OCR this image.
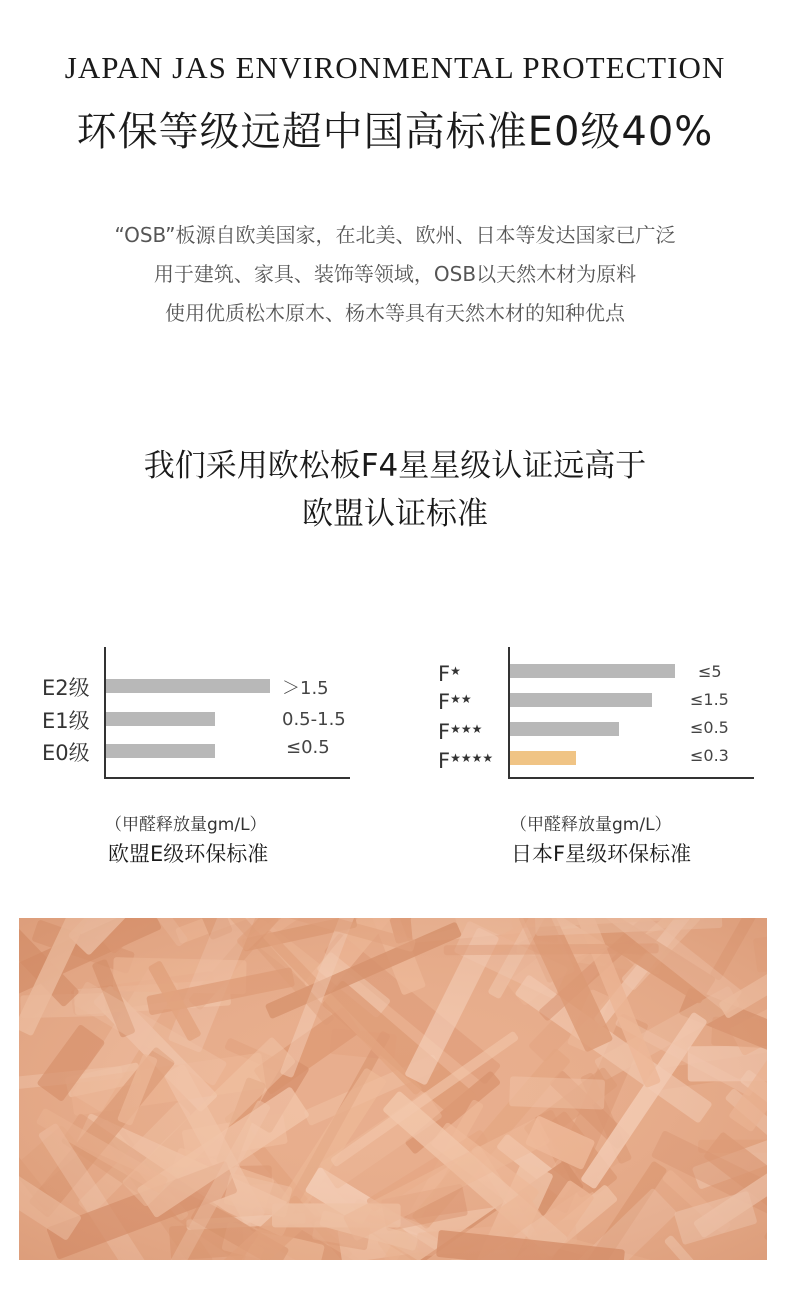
JAPAN JAS ENVIRONMENTAL PROTECTION
环保等级远超中国高标准E0级40%
“OSB”板源自欧美国家，在北美、欧州、日本等发达国家已广泛
用于建筑、家具、装饰等领域，OSB以天然木材为原料
使用优质松木原木、杨木等具有天然木材的知种优点
我们采用欧松板F4星星级认证远高于
欧盟认证标准
E2级
E1级
E0级
＞1.5
0.5-1.5
≤0.5
（甲醛释放量gm/L）
欧盟E级环保标准
F★
F★★
F★★★
F★★★★
≤5
≤1.5
≤0.5
≤0.3
（甲醛释放量gm/L）
日本F星级环保标准
